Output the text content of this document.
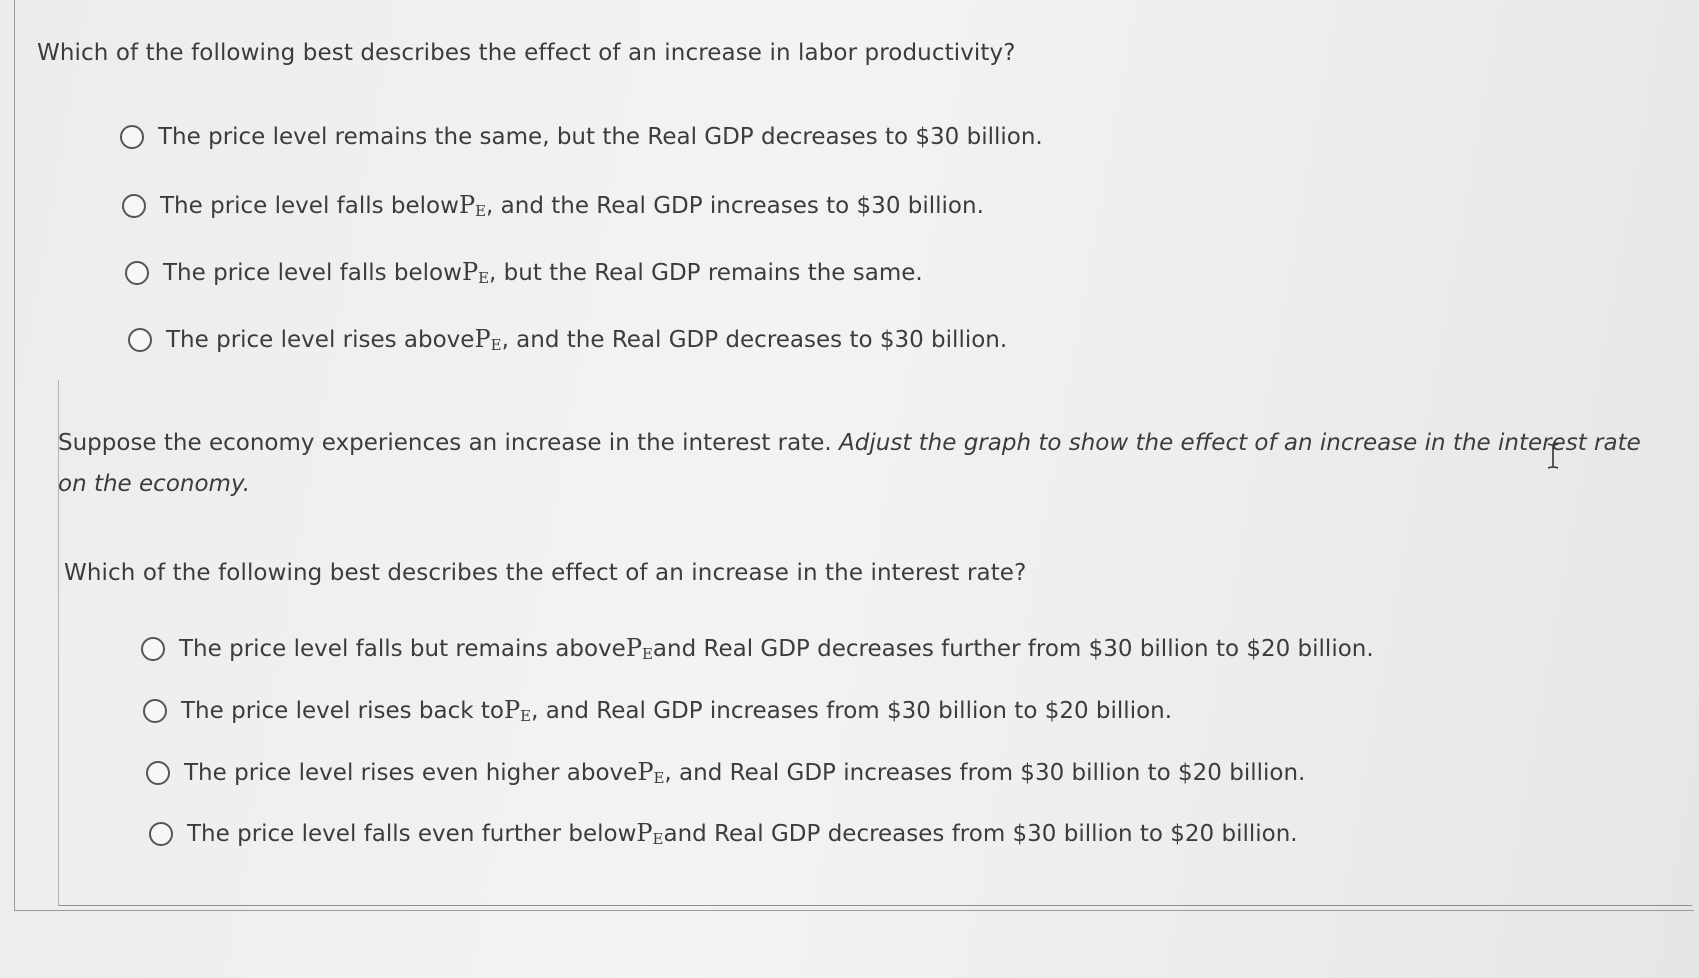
Which of the following best describes the effect of an increase in labor productivity?
The price level remains the same, but the Real GDP decreases to $30 billion.
The price level falls below $P_E$ , and the Real GDP increases to $30 billion.
The price level falls below $P_E$ , but the Real GDP remains the same.
The price level rises above $P_E$ , and the Real GDP decreases to $30 billion.
Suppose the economy experiences an increase in the interest rate. Adjust the graph to show the effect of an increase in the interest rate on the economy.
Which of the following best describes the effect of an increase in the interest rate?
The price level falls but remains above $P_E$ and Real GDP decreases further from $30 billion to $20 billion.
The price level rises back to $P_E$ , and Real GDP increases from $30 billion to $20 billion.
The price level rises even higher above $P_E$ , and Real GDP increases from $30 billion to $20 billion.
The price level falls even further below $P_E$ and Real GDP decreases from $30 billion to $20 billion.
